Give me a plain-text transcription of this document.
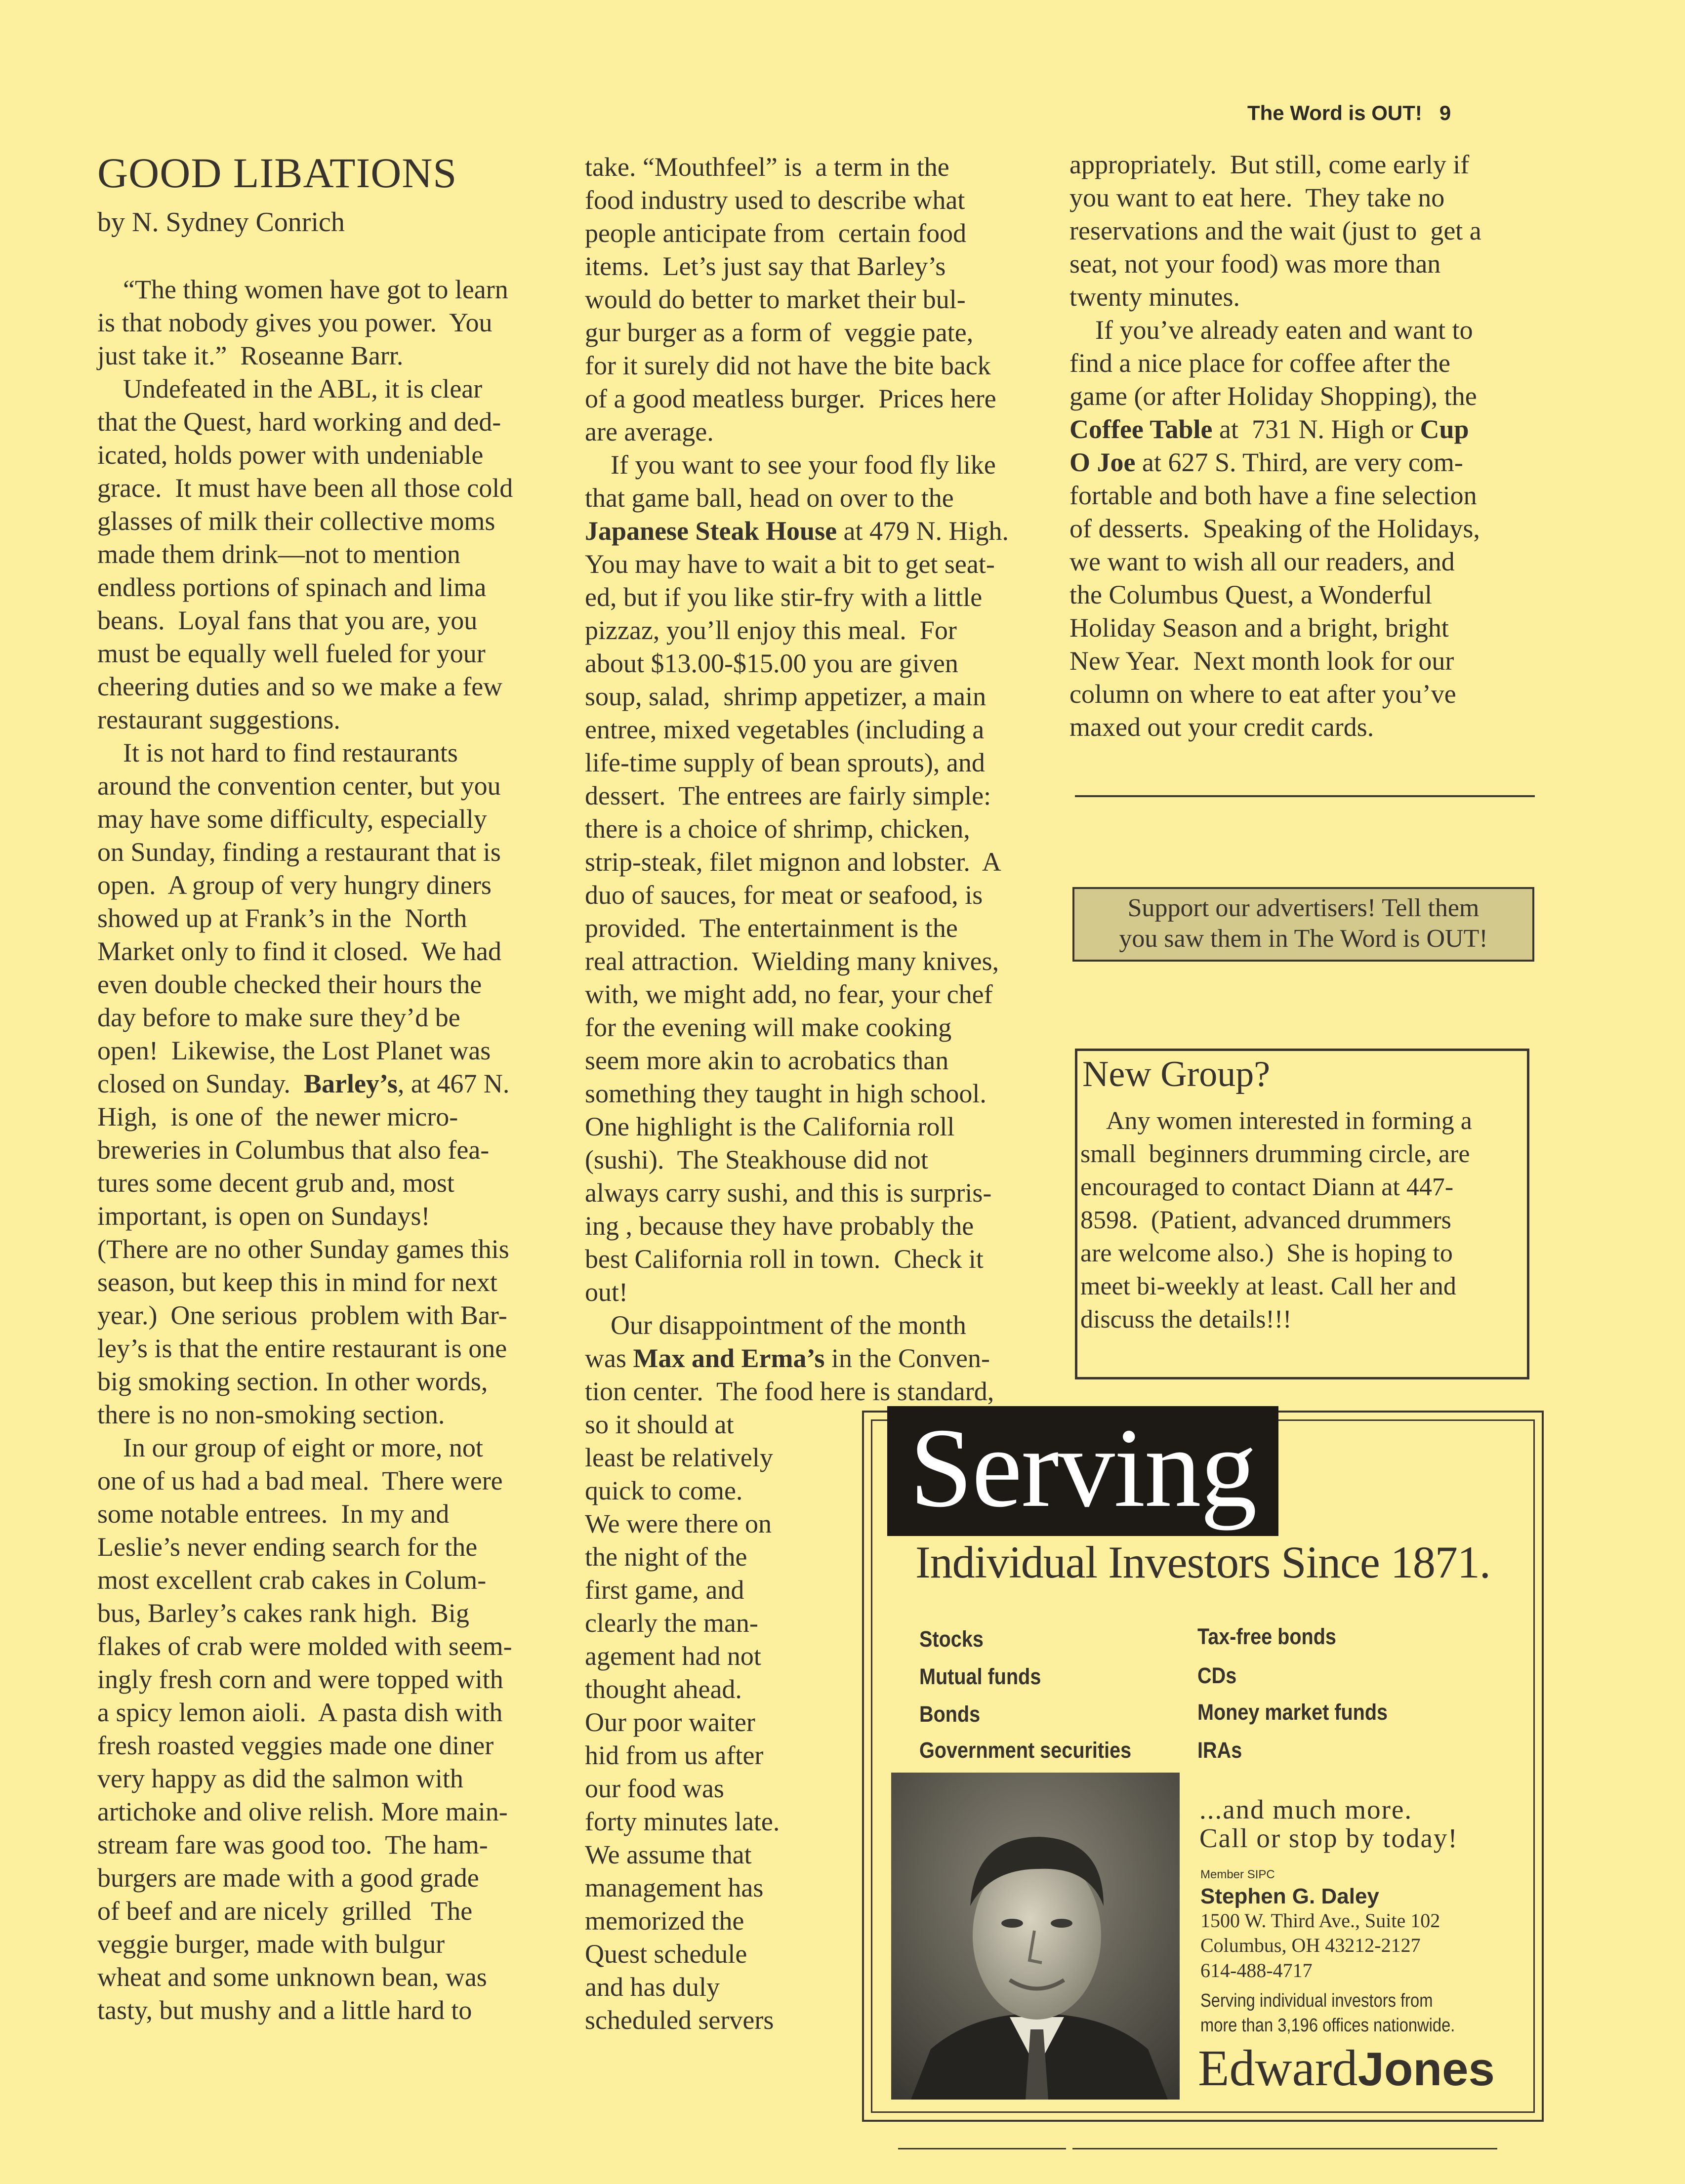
The Word is OUT! 9
GOOD LIBATIONS
by N. Sydney Conrich
	“The thing women have got to learn
is that nobody gives you power.  You
just take it.”  Roseanne Barr.
	Undefeated in the ABL, it is clear
that the Quest, hard working and ded-
icated, holds power with undeniable
grace.  It must have been all those cold
glasses of milk their collective moms
made them drink—not to mention
endless portions of spinach and lima
beans.  Loyal fans that you are, you
must be equally well fueled for your
cheering duties and so we make a few
restaurant suggestions.
	It is not hard to find restaurants
around the convention center, but you
may have some difficulty, especially
on Sunday, finding a restaurant that is
open.  A group of very hungry diners
showed up at Frank’s in the  North
Market only to find it closed.  We had
even double checked their hours the
day before to make sure they’d be
open!  Likewise, the Lost Planet was
closed on Sunday.  Barley’s, at 467 N.
High,  is one of  the newer micro-
breweries in Columbus that also fea-
tures some decent grub and, most
important, is open on Sundays!
(There are no other Sunday games this
season, but keep this in mind for next
year.)  One serious  problem with Bar-
ley’s is that the entire restaurant is one
big smoking section. In other words,
there is no non-smoking section.
	In our group of eight or more, not
one of us had a bad meal.  There were
some notable entrees.  In my and
Leslie’s never ending search for the
most excellent crab cakes in Colum-
bus, Barley’s cakes rank high.  Big
flakes of crab were molded with seem-
ingly fresh corn and were topped with
a spicy lemon aioli.  A pasta dish with
fresh roasted veggies made one diner
very happy as did the salmon with
artichoke and olive relish. More main-
stream fare was good too.  The ham-
burgers are made with a good grade
of beef and are nicely  grilled   The
veggie burger, made with bulgur
wheat and some unknown bean, was
tasty, but mushy and a little hard to
take. “Mouthfeel” is  a term in the
food industry used to describe what
people anticipate from  certain food
items.  Let’s just say that Barley’s
would do better to market their bul-
gur burger as a form of  veggie pate,
for it surely did not have the bite back
of a good meatless burger.  Prices here
are average.
	If you want to see your food fly like
that game ball, head on over to the
Japanese Steak House at 479 N. High.
You may have to wait a bit to get seat-
ed, but if you like stir-fry with a little
pizzaz, you’ll enjoy this meal.  For
about $13.00-$15.00 you are given
soup, salad,  shrimp appetizer, a main
entree, mixed vegetables (including a
life-time supply of bean sprouts), and
dessert.  The entrees are fairly simple:
there is a choice of shrimp, chicken,
strip-steak, filet mignon and lobster.  A
duo of sauces, for meat or seafood, is
provided.  The entertainment is the
real attraction.  Wielding many knives,
with, we might add, no fear, your chef
for the evening will make cooking
seem more akin to acrobatics than
something they taught in high school.
One highlight is the California roll
(sushi).  The Steakhouse did not
always carry sushi, and this is surpris-
ing , because they have probably the
best California roll in town.  Check it
out!
	Our disappointment of the month
was Max and Erma’s in the Conven-
tion center.  The food here is standard,
so it should at
least be relatively
quick to come.
We were there on
the night of the
first game, and
clearly the man-
agement had not
thought ahead.
Our poor waiter
hid from us after
our food was
forty minutes late.
We assume that
management has
memorized the
Quest schedule
and has duly
scheduled servers
appropriately.  But still, come early if
you want to eat here.  They take no
reservations and the wait (just to  get a
seat, not your food) was more than
twenty minutes.
	If you’ve already eaten and want to
find a nice place for coffee after the
game (or after Holiday Shopping), the
Coffee Table at  731 N. High or Cup
O Joe at 627 S. Third, are very com-
fortable and both have a fine selection
of desserts.  Speaking of the Holidays,
we want to wish all our readers, and
the Columbus Quest, a Wonderful
Holiday Season and a bright, bright
New Year.  Next month look for our
column on where to eat after you’ve
maxed out your credit cards.
Support our advertisers! Tell them
you saw them in The Word is OUT!
New Group?
	Any women interested in forming a
small  beginners drumming circle, are
encouraged to contact Diann at 447-
8598.  (Patient, advanced drummers
are welcome also.)  She is hoping to
meet bi-weekly at least. Call her and
discuss the details!!!
Serving
Individual Investors Since 1871.
Stocks
Mutual funds
Bonds
Government securities
Tax-free bonds
CDs
Money market funds
IRAs
...and much more.
Call or stop by today!
Member SIPC
Stephen G. Daley
1500 W. Third Ave., Suite 102
Columbus, OH 43212-2127
614-488-4717
Serving individual investors from
more than 3,196 offices nationwide.
EdwardJones
